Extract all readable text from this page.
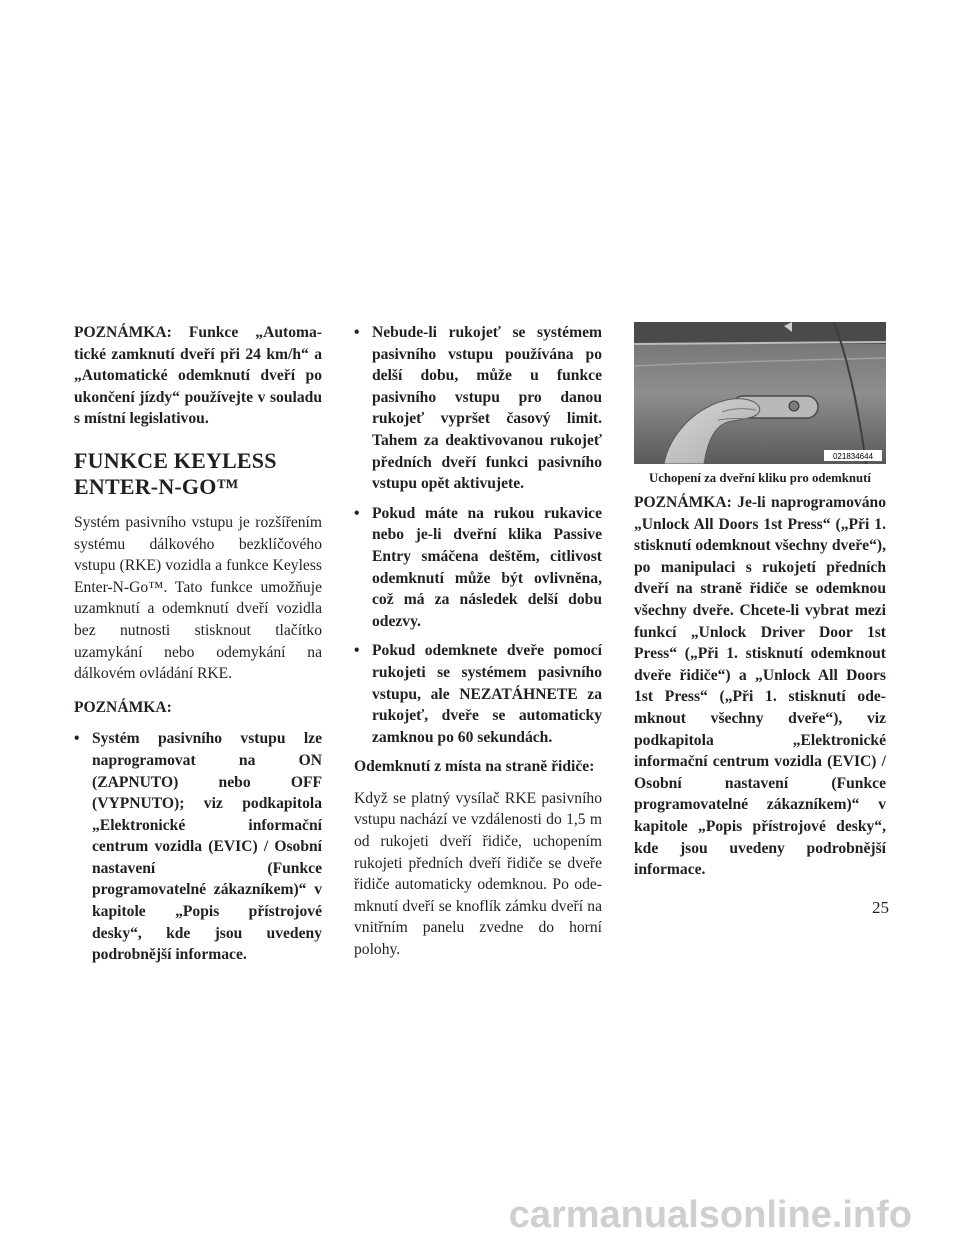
POZNÁMKA: Funkce „Automatické zamknutí dveří při 24 km/h“ a „Automatické odemknutí dveří po ukončení jízdy“ používejte v souladu s místní legislativou.

FUNKCE KEYLESS ENTER-N-GO™

Systém pasivního vstupu je rozšířením systému dálkového bezklíčového vstupu (RKE) vozidla a funkce Keyless Enter-N-Go™. Tato funkce umožňuje uzamknutí a odemknutí dveří vozidla bez nutnosti stisknout tlačítko uzamykání nebo odemykání na dálkovém ovládání RKE.

POZNÁMKA:

• Systém pasivního vstupu lze naprogramovat na ON (ZAPNUTO) nebo OFF (VYPNUTO); viz podkapitola „Elektronické informační centrum vozidla (EVIC) / Osobní nastavení (Funkce programovatelné zákazníkem)“ v kapitole „Popis přístrojové desky“, kde jsou uvedeny podrobnější informace.
• Nebude-li rukojeť se systémem pasivního vstupu používána po delší dobu, může u funkce pasivního vstupu pro danou rukojeť vypršet časový limit. Tahem za deaktivovanou rukojeť předních dveří funkci pasivního vstupu opět aktivujete.
• Pokud máte na rukou rukavice nebo je-li dveřní klika Passive Entry smáčena deštěm, citlivost odemknutí může být ovlivněna, což má za následek delší dobu odezvy.
• Pokud odemknete dveře pomocí rukojeti se systémem pasivního vstupu, ale NEZATÁHNETE za rukojeť, dveře se automaticky zamknou po 60 sekundách.

Odemknutí z místa na straně řidiče:

Když se platný vysílač RKE pasivního vstupu nachází ve vzdálenosti do 1,5 m od rukojeti dveří řidiče, uchopením rukojeti předních dveří řidiče se dveře řidiče automaticky odemknou. Po odemknutí dveří se knoflík zámku dveří na vnitřním panelu zvedne do horní polohy.

021834644

Uchopení za dveřní kliku pro odemknutí

POZNÁMKA: Je-li naprogramováno „Unlock All Doors 1st Press“ („Při 1. stisknutí odemknout všechny dveře“), po manipulaci s rukojetí předních dveří na straně řidiče se odemknou všechny dveře. Chcete-li vybrat mezi funkcí „Unlock Driver Door 1st Press“ („Při 1. stisknutí odemknout dveře řidiče“) a „Unlock All Doors 1st Press“ („Při 1. stisknutí odemknout všechny dveře“), viz podkapitola „Elektronické informační centrum vozidla (EVIC) / Osobní nastavení (Funkce programovatelné zákazníkem)“ v kapitole „Popis přístrojové desky“, kde jsou uvedeny podrobnější informace.

25
carmanualsonline.info
